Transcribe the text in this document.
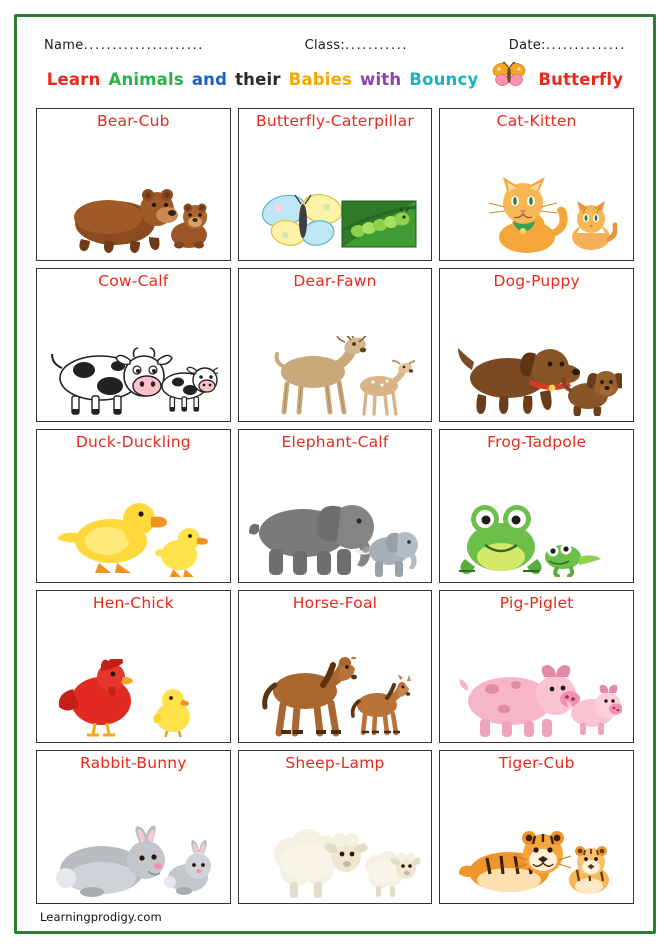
Name.....................	Class:...........	Date:..............
Learn Animals and their Babies with Bouncy	Butterfly
Bear-Cub	Butterfly-Caterpillar	Cat-Kitten
Cow-Calf	Dear-Fawn	Dog-Puppy
Duck-Duckling	Elephant-Calf	Frog-Tadpole
Hen-Chick	Horse-Foal	Pig-Piglet
Rabbit-Bunny	Sheep-Lamp	Tiger-Cub
Learningprodigy.com
